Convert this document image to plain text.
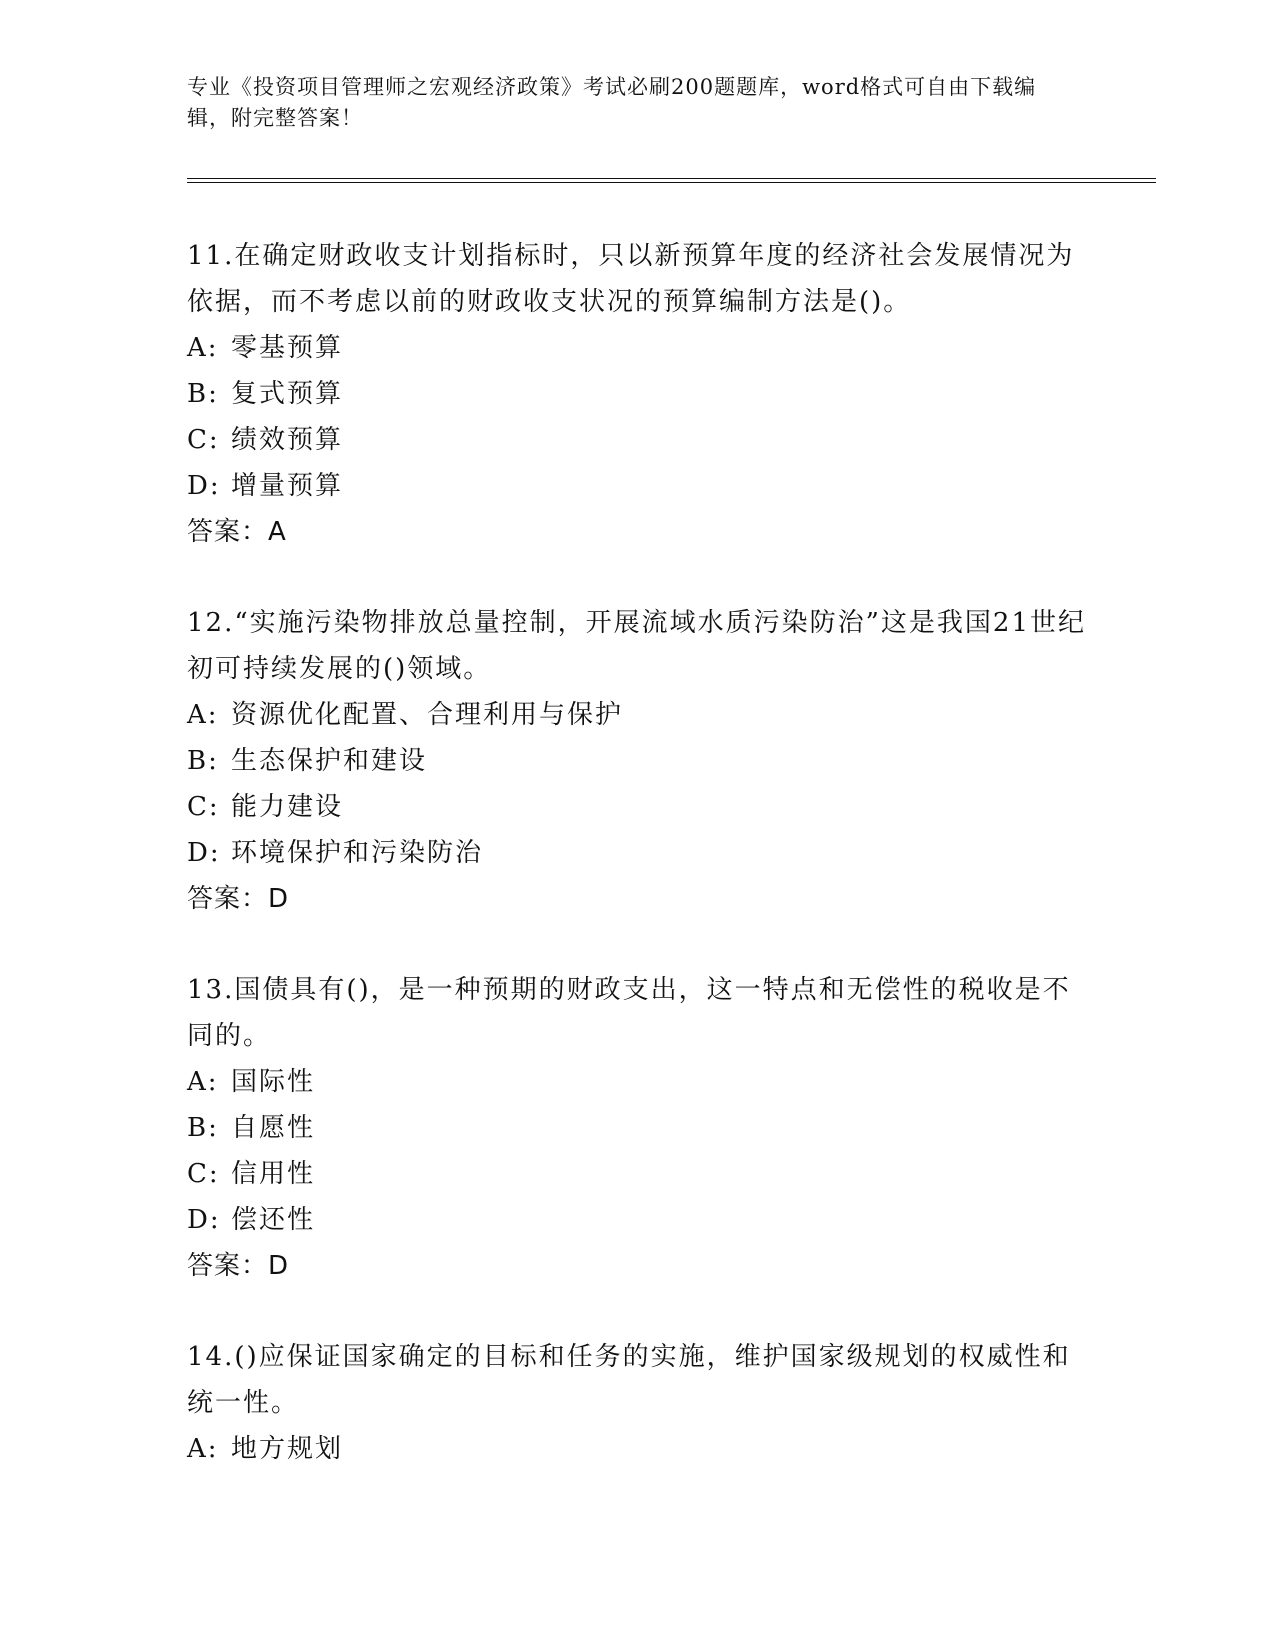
专业《投资项目管理师之宏观经济政策》考试必刷200题题库，word格式可自由下载编辑，附完整答案！

11.在确定财政收支计划指标时，只以新预算年度的经济社会发展情况为依据，而不考虑以前的财政收支状况的预算编制方法是()。

A: 零基预算

B: 复式预算

C: 绩效预算

D: 增量预算

答案：A

12.“实施污染物排放总量控制，开展流域水质污染防治”这是我国21世纪初可持续发展的()领域。

A: 资源优化配置、合理利用与保护

B: 生态保护和建设

C: 能力建设

D: 环境保护和污染防治

答案：D

13.国债具有()，是一种预期的财政支出，这一特点和无偿性的税收是不同的。

A: 国际性

B: 自愿性

C: 信用性

D: 偿还性

答案：D

14.()应保证国家确定的目标和任务的实施，维护国家级规划的权威性和统一性。

A: 地方规划
